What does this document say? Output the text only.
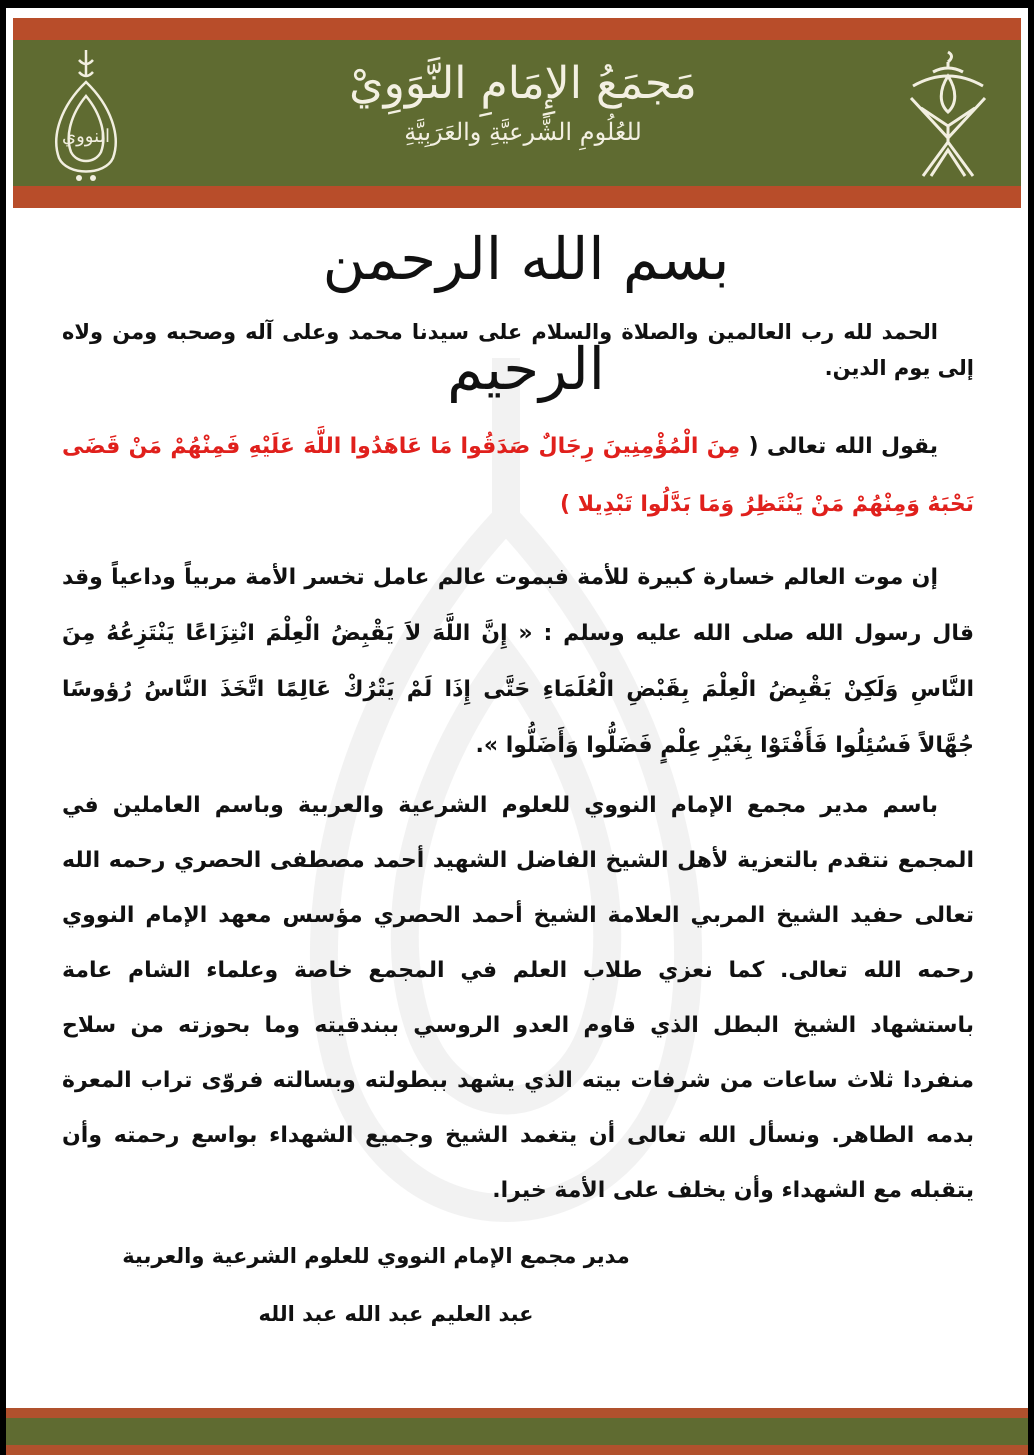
النووي
مَجمَعُ الإِمَامِ النَّوَوِيْ
للعُلُومِ الشَّرعيَّةِ والعَرَبِيَّةِ
بسم الله الرحمن الرحيم
الحمد لله رب العالمين والصلاة والسلام على سيدنا محمد وعلى آله وصحبه ومن ولاه إلى يوم الدين.
يقول الله تعالى ( مِنَ الْمُؤْمِنِينَ رِجَالٌ صَدَقُوا مَا عَاهَدُوا اللَّهَ عَلَيْهِ فَمِنْهُمْ مَنْ قَضَى نَحْبَهُ وَمِنْهُمْ مَنْ يَنْتَظِرُ وَمَا بَدَّلُوا تَبْدِيلا )
إن موت العالم خسارة كبيرة للأمة فبموت عالم عامل تخسر الأمة مربياً وداعياً وقد قال رسول الله صلى الله عليه وسلم : « إِنَّ اللَّهَ لاَ يَقْبِضُ الْعِلْمَ انْتِزَاعًا يَنْتَزِعُهُ مِنَ النَّاسِ وَلَكِنْ يَقْبِضُ الْعِلْمَ بِقَبْضِ الْعُلَمَاءِ حَتَّى إِذَا لَمْ يَتْرُكْ عَالِمًا اتَّخَذَ النَّاسُ رُؤوسًا جُهَّالاً فَسُئِلُوا فَأَفْتَوْا بِغَيْرِ عِلْمٍ فَضَلُّوا وَأَضَلُّوا ».
باسم مدير مجمع الإمام النووي للعلوم الشرعية والعربية وباسم العاملين في المجمع نتقدم بالتعزية لأهل الشيخ الفاضل الشهيد أحمد مصطفى الحصري رحمه الله تعالى حفيد الشيخ المربي العلامة الشيخ أحمد الحصري مؤسس معهد الإمام النووي رحمه الله تعالى. كما نعزي طلاب العلم في المجمع خاصة وعلماء الشام عامة باستشهاد الشيخ البطل الذي قاوم العدو الروسي ببندقيته وما بحوزته من سلاح منفردا ثلاث ساعات من شرفات بيته الذي يشهد ببطولته وبسالته فروّى تراب المعرة بدمه الطاهر. ونسأل الله تعالى أن يتغمد الشيخ وجميع الشهداء بواسع رحمته وأن يتقبله مع الشهداء وأن يخلف على الأمة خيرا.
مدير مجمع الإمام النووي للعلوم الشرعية والعربية
عبد العليم عبد الله عبد الله
